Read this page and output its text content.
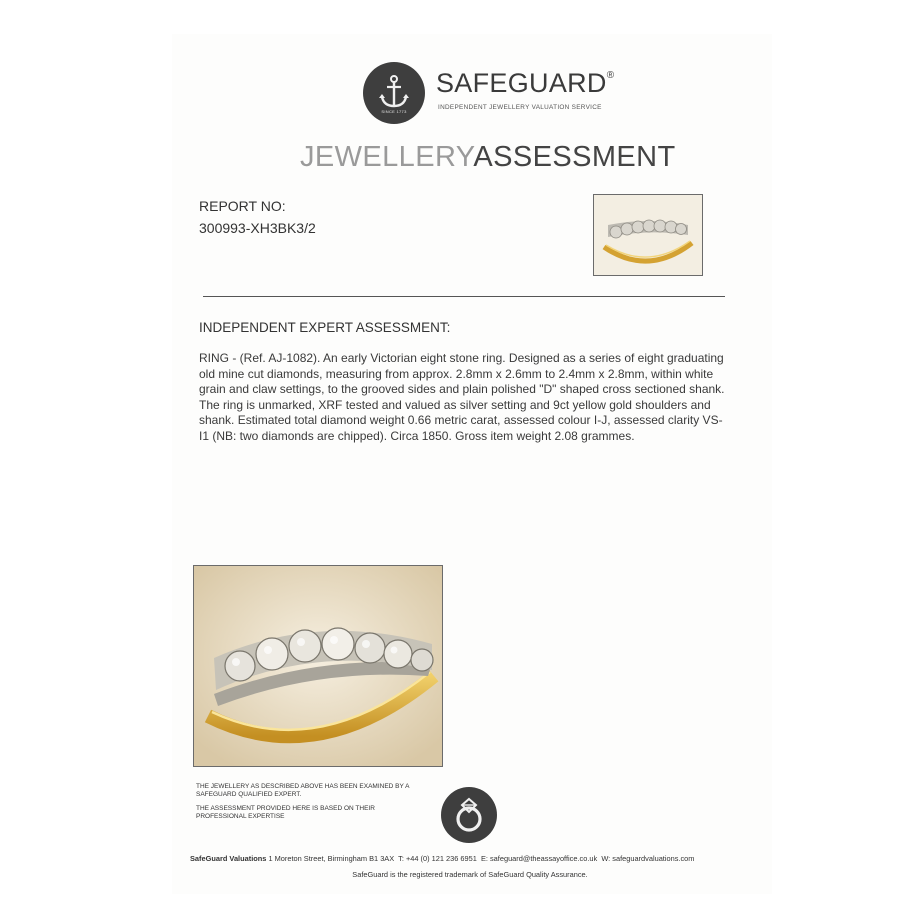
SINCE 1773
SAFEGUARD®
INDEPENDENT JEWELLERY VALUATION SERVICE
JEWELLERYASSESSMENT
REPORT NO:
300993-XH3BK3/2
INDEPENDENT EXPERT ASSESSMENT:
RING - (Ref. AJ-1082). An early Victorian eight stone ring. Designed as a series of eight graduating old mine cut diamonds, measuring from approx. 2.8mm x 2.6mm to 2.4mm x 2.8mm, within white grain and claw settings, to the grooved sides and plain polished "D" shaped cross sectioned shank. The ring is unmarked, XRF tested and valued as silver setting and 9ct yellow gold shoulders and shank. Estimated total diamond weight 0.66 metric carat, assessed colour I-J, assessed clarity VS-I1 (NB: two diamonds are chipped). Circa 1850. Gross item weight 2.08 grammes.

THE JEWELLERY AS DESCRIBED ABOVE HAS BEEN EXAMINED BY A SAFEGUARD QUALIFIED EXPERT.

THE ASSESSMENT PROVIDED HERE IS BASED ON THEIR PROFESSIONAL EXPERTISE

SafeGuard Valuations 1 Moreton Street, Birmingham B1 3AX T: +44 (0) 121 236 6951 E: safeguard@theassayoffice.co.uk W: safeguardvaluations.com
SafeGuard is the registered trademark of SafeGuard Quality Assurance.
